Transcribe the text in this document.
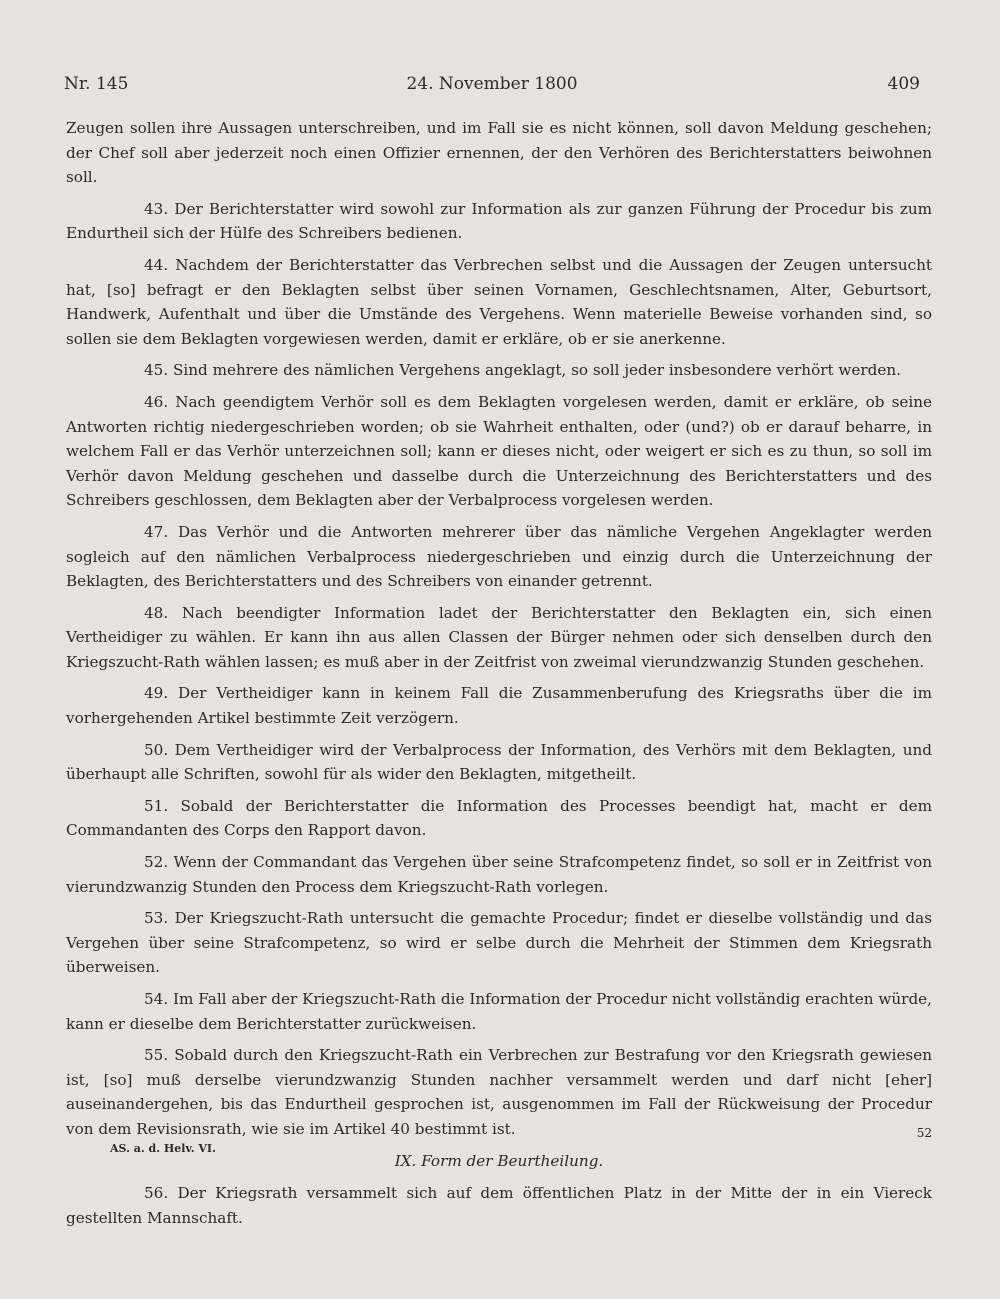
Nr. 145	24. November 1800	409

Zeugen sollen ihre Aussagen unterschreiben, und im Fall sie es nicht können, soll davon Meldung geschehen; der Chef soll aber jederzeit noch einen Offizier ernennen, der den Verhören des Berichterstatters beiwohnen soll.

43. Der Berichterstatter wird sowohl zur Information als zur ganzen Führung der Procedur bis zum Endurtheil sich der Hülfe des Schreibers bedienen.

44. Nachdem der Berichterstatter das Verbrechen selbst und die Aussagen der Zeugen untersucht hat, [so] befragt er den Beklagten selbst über seinen Vornamen, Geschlechtsnamen, Alter, Geburtsort, Handwerk, Aufenthalt und über die Umstände des Vergehens. Wenn materielle Beweise vorhanden sind, so sollen sie dem Beklagten vorgewiesen werden, damit er erkläre, ob er sie anerkenne.

45. Sind mehrere des nämlichen Vergehens angeklagt, so soll jeder insbesondere verhört werden.

46. Nach geendigtem Verhör soll es dem Beklagten vorgelesen werden, damit er erkläre, ob seine Antworten richtig niedergeschrieben worden; ob sie Wahrheit enthalten, oder (und?) ob er darauf beharre, in welchem Fall er das Verhör unterzeichnen soll; kann er dieses nicht, oder weigert er sich es zu thun, so soll im Verhör davon Meldung geschehen und dasselbe durch die Unterzeichnung des Berichterstatters und des Schreibers geschlossen, dem Beklagten aber der Verbalprocess vorgelesen werden.

47. Das Verhör und die Antworten mehrerer über das nämliche Vergehen Angeklagter werden sogleich auf den nämlichen Verbalprocess niedergeschrieben und einzig durch die Unterzeichnung der Beklagten, des Berichterstatters und des Schreibers von einander getrennt.

48. Nach beendigter Information ladet der Berichterstatter den Beklagten ein, sich einen Vertheidiger zu wählen. Er kann ihn aus allen Classen der Bürger nehmen oder sich denselben durch den Kriegszucht-Rath wählen lassen; es muß aber in der Zeitfrist von zweimal vierundzwanzig Stunden geschehen.

49. Der Vertheidiger kann in keinem Fall die Zusammenberufung des Kriegsraths über die im vorhergehenden Artikel bestimmte Zeit verzögern.

50. Dem Vertheidiger wird der Verbalprocess der Information, des Verhörs mit dem Beklagten, und überhaupt alle Schriften, sowohl für als wider den Beklagten, mitgetheilt.

51. Sobald der Berichterstatter die Information des Processes beendigt hat, macht er dem Commandanten des Corps den Rapport davon.

52. Wenn der Commandant das Vergehen über seine Strafcompetenz findet, so soll er in Zeitfrist von vierundzwanzig Stunden den Process dem Kriegszucht-Rath vorlegen.

53. Der Kriegszucht-Rath untersucht die gemachte Procedur; findet er dieselbe vollständig und das Vergehen über seine Strafcompetenz, so wird er selbe durch die Mehrheit der Stimmen dem Kriegsrath überweisen.

54. Im Fall aber der Kriegszucht-Rath die Information der Procedur nicht vollständig erachten würde, kann er dieselbe dem Berichterstatter zurückweisen.

55. Sobald durch den Kriegszucht-Rath ein Verbrechen zur Bestrafung vor den Kriegsrath gewiesen ist, [so] muß derselbe vierundzwanzig Stunden nachher versammelt werden und darf nicht [eher] auseinandergehen, bis das Endurtheil gesprochen ist, ausgenommen im Fall der Rückweisung der Procedur von dem Revisionsrath, wie sie im Artikel 40 bestimmt ist.

IX. Form der Beurtheilung.

56. Der Kriegsrath versammelt sich auf dem öffentlichen Platz in der Mitte der in ein Viereck gestellten Mannschaft.

52
AS. a. d. Helv. VI.
